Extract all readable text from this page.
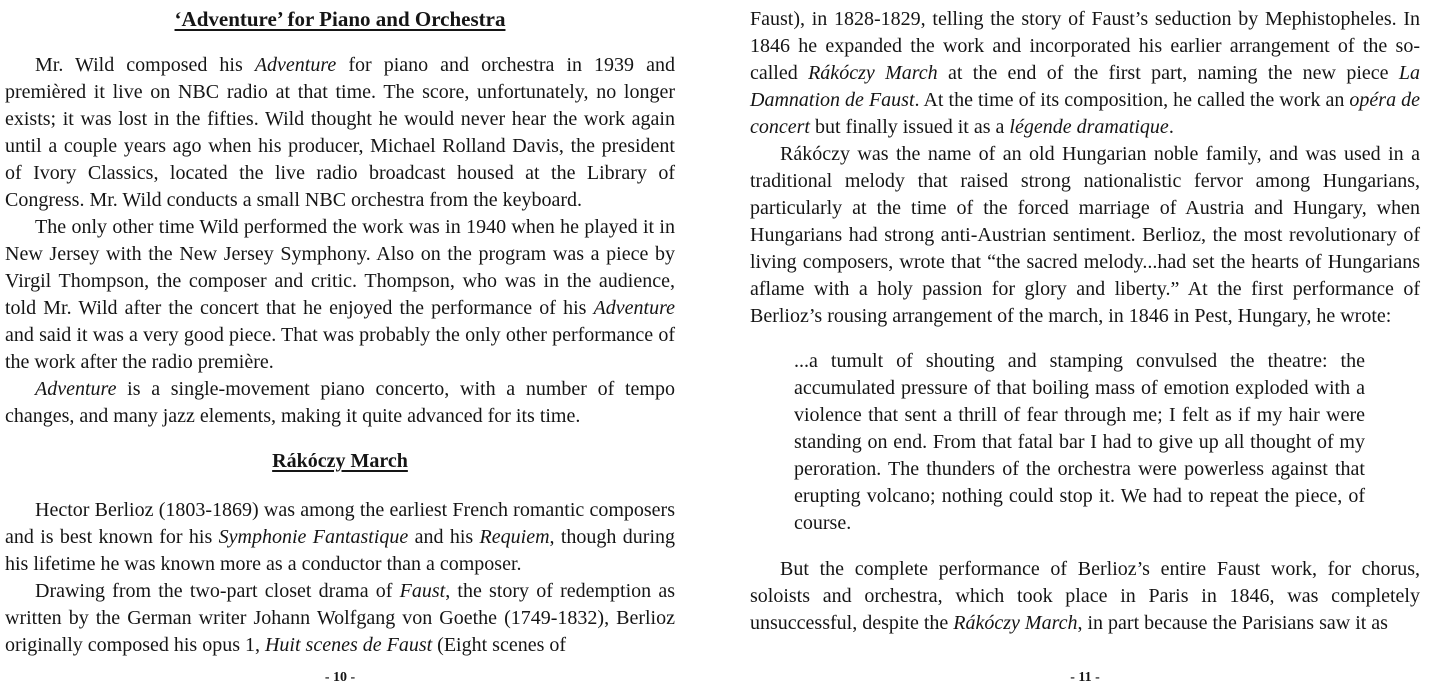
‘Adventure’ for Piano and Orchestra

Mr. Wild composed his Adventure for piano and orchestra in 1939 and premièred it live on NBC radio at that time. The score, unfortunately, no longer exists; it was lost in the fifties. Wild thought he would never hear the work again until a couple years ago when his producer, Michael Rolland Davis, the president of Ivory Classics, located the live radio broadcast housed at the Library of Congress. Mr. Wild conducts a small NBC orchestra from the keyboard.

The only other time Wild performed the work was in 1940 when he played it in New Jersey with the New Jersey Symphony. Also on the program was a piece by Virgil Thompson, the composer and critic. Thompson, who was in the audience, told Mr. Wild after the concert that he enjoyed the performance of his Adventure and said it was a very good piece. That was probably the only other performance of the work after the radio première.

Adventure is a single-movement piano concerto, with a number of tempo changes, and many jazz elements, making it quite advanced for its time.

Rákóczy March

Hector Berlioz (1803-1869) was among the earliest French romantic composers and is best known for his Symphonie Fantastique and his Requiem, though during his lifetime he was known more as a conductor than a composer.

Drawing from the two-part closet drama of Faust, the story of redemption as written by the German writer Johann Wolfgang von Goethe (1749-1832), Berlioz originally composed his opus 1, Huit scenes de Faust (Eight scenes of

- 10 -

Faust), in 1828-1829, telling the story of Faust’s seduction by Mephistopheles. In 1846 he expanded the work and incorporated his earlier arrangement of the so-called Rákóczy March at the end of the first part, naming the new piece La Damnation de Faust. At the time of its composition, he called the work an opéra de concert but finally issued it as a légende dramatique.

Rákóczy was the name of an old Hungarian noble family, and was used in a traditional melody that raised strong nationalistic fervor among Hungarians, particularly at the time of the forced marriage of Austria and Hungary, when Hungarians had strong anti-Austrian sentiment. Berlioz, the most revolutionary of living composers, wrote that “the sacred melody...had set the hearts of Hungarians aflame with a holy passion for glory and liberty.” At the first performance of Berlioz’s rousing arrangement of the march, in 1846 in Pest, Hungary, he wrote:

...a tumult of shouting and stamping convulsed the theatre: the accumulated pressure of that boiling mass of emotion exploded with a violence that sent a thrill of fear through me; I felt as if my hair were standing on end. From that fatal bar I had to give up all thought of my peroration. The thunders of the orchestra were powerless against that erupting volcano; nothing could stop it. We had to repeat the piece, of course.

But the complete performance of Berlioz’s entire Faust work, for chorus, soloists and orchestra, which took place in Paris in 1846, was completely unsuccessful, despite the Rákóczy March, in part because the Parisians saw it as

- 11 -
